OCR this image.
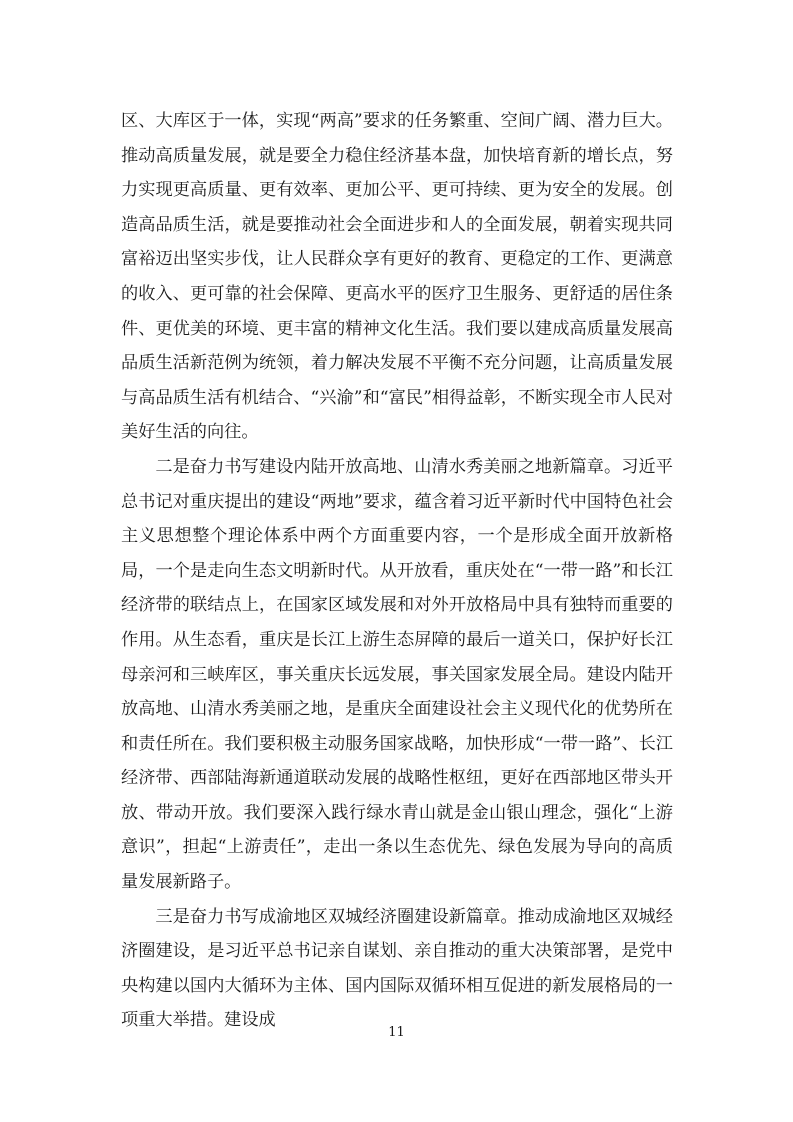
区、大库区于一体，实现“两高”要求的任务繁重、空间广阔、潜力巨大。推动高质量发展，就是要全力稳住经济基本盘，加快培育新的增长点，努力实现更高质量、更有效率、更加公平、更可持续、更为安全的发展。创造高品质生活，就是要推动社会全面进步和人的全面发展，朝着实现共同富裕迈出坚实步伐，让人民群众享有更好的教育、更稳定的工作、更满意的收入、更可靠的社会保障、更高水平的医疗卫生服务、更舒适的居住条件、更优美的环境、更丰富的精神文化生活。我们要以建成高质量发展高品质生活新范例为统领，着力解决发展不平衡不充分问题，让高质量发展与高品质生活有机结合、“兴渝”和“富民”相得益彰，不断实现全市人民对美好生活的向往。

二是奋力书写建设内陆开放高地、山清水秀美丽之地新篇章。习近平总书记对重庆提出的建设“两地”要求，蕴含着习近平新时代中国特色社会主义思想整个理论体系中两个方面重要内容，一个是形成全面开放新格局，一个是走向生态文明新时代。从开放看，重庆处在“一带一路”和长江经济带的联结点上，在国家区域发展和对外开放格局中具有独特而重要的作用。从生态看，重庆是长江上游生态屏障的最后一道关口，保护好长江母亲河和三峡库区，事关重庆长远发展，事关国家发展全局。建设内陆开放高地、山清水秀美丽之地，是重庆全面建设社会主义现代化的优势所在和责任所在。我们要积极主动服务国家战略，加快形成“一带一路”、长江经济带、西部陆海新通道联动发展的战略性枢纽，更好在西部地区带头开放、带动开放。我们要深入践行绿水青山就是金山银山理念，强化“上游意识”，担起“上游责任”，走出一条以生态优先、绿色发展为导向的高质量发展新路子。

三是奋力书写成渝地区双城经济圈建设新篇章。推动成渝地区双城经济圈建设，是习近平总书记亲自谋划、亲自推动的重大决策部署，是党中央构建以国内大循环为主体、国内国际双循环相互促进的新发展格局的一项重大举措。建设成

11
